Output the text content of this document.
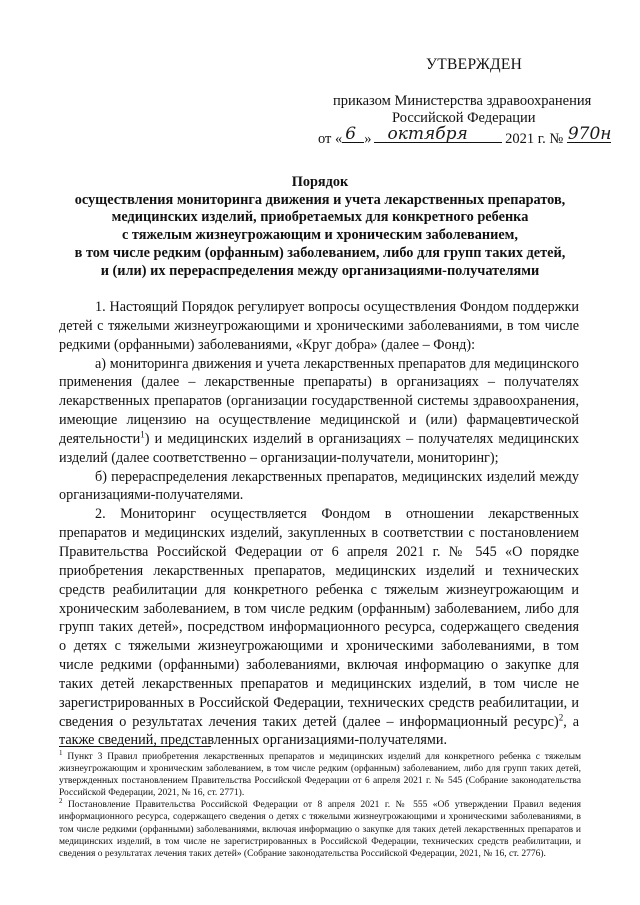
УТВЕРЖДЕН
приказом Министерства здравоохранения
Российской Федерации
от « 6 » октября	2021 г. № 970н
Порядок
осуществления мониторинга движения и учета лекарственных препаратов,
медицинских изделий, приобретаемых для конкретного ребенка
с тяжелым жизнеугрожающим и хроническим заболеванием,
в том числе редким (орфанным) заболеванием, либо для групп таких детей,
и (или) их перераспределения между организациями-получателями

1. Настоящий Порядок регулирует вопросы осуществления Фондом поддержки детей с тяжелыми жизнеугрожающими и хроническими заболеваниями, в том числе редкими (орфанными) заболеваниями, «Круг добра» (далее – Фонд):

а) мониторинга движения и учета лекарственных препаратов для медицинского применения (далее – лекарственные препараты) в организациях – получателях лекарственных препаратов (организации государственной системы здравоохранения, имеющие лицензию на осуществление медицинской и (или) фармацевтической деятельности$^1$) и медицинских изделий в организациях – получателях медицинских изделий (далее соответственно – организации-получатели, мониторинг);

б) перераспределения лекарственных препаратов, медицинских изделий между организациями-получателями.

2. Мониторинг осуществляется Фондом в отношении лекарственных препаратов и медицинских изделий, закупленных в соответствии с постановлением Правительства Российской Федерации от 6 апреля 2021 г. № 545 «О порядке приобретения лекарственных препаратов, медицинских изделий и технических средств реабилитации для конкретного ребенка с тяжелым жизнеугрожающим и хроническим заболеванием, в том числе редким (орфанным) заболеванием, либо для групп таких детей», посредством информационного ресурса, содержащего сведения о детях с тяжелыми жизнеугрожающими и хроническими заболеваниями, в том числе редкими (орфанными) заболеваниями, включая информацию о закупке для таких детей лекарственных препаратов и медицинских изделий, в том числе не зарегистрированных в Российской Федерации, технических средств реабилитации, и сведения о результатах лечения таких детей (далее – информационный ресурс)$^2$, а также сведений, представленных организациями-получателями.

$^1$ Пункт 3 Правил приобретения лекарственных препаратов и медицинских изделий для конкретного ребенка с тяжелым жизнеугрожающим и хроническим заболеванием, в том числе редким (орфанным) заболеванием, либо для групп таких детей, утвержденных постановлением Правительства Российской Федерации от 6 апреля 2021 г. № 545 (Собрание законодательства Российской Федерации, 2021, № 16, ст. 2771).

$^2$ Постановление Правительства Российской Федерации от 8 апреля 2021 г. № 555 «Об утверждении Правил ведения информационного ресурса, содержащего сведения о детях с тяжелыми жизнеугрожающими и хроническими заболеваниями, в том числе редкими (орфанными) заболеваниями, включая информацию о закупке для таких детей лекарственных препаратов и медицинских изделий, в том числе не зарегистрированных в Российской Федерации, технических средств реабилитации, и сведения о результатах лечения таких детей» (Собрание законодательства Российской Федерации, 2021, № 16, ст. 2776).
